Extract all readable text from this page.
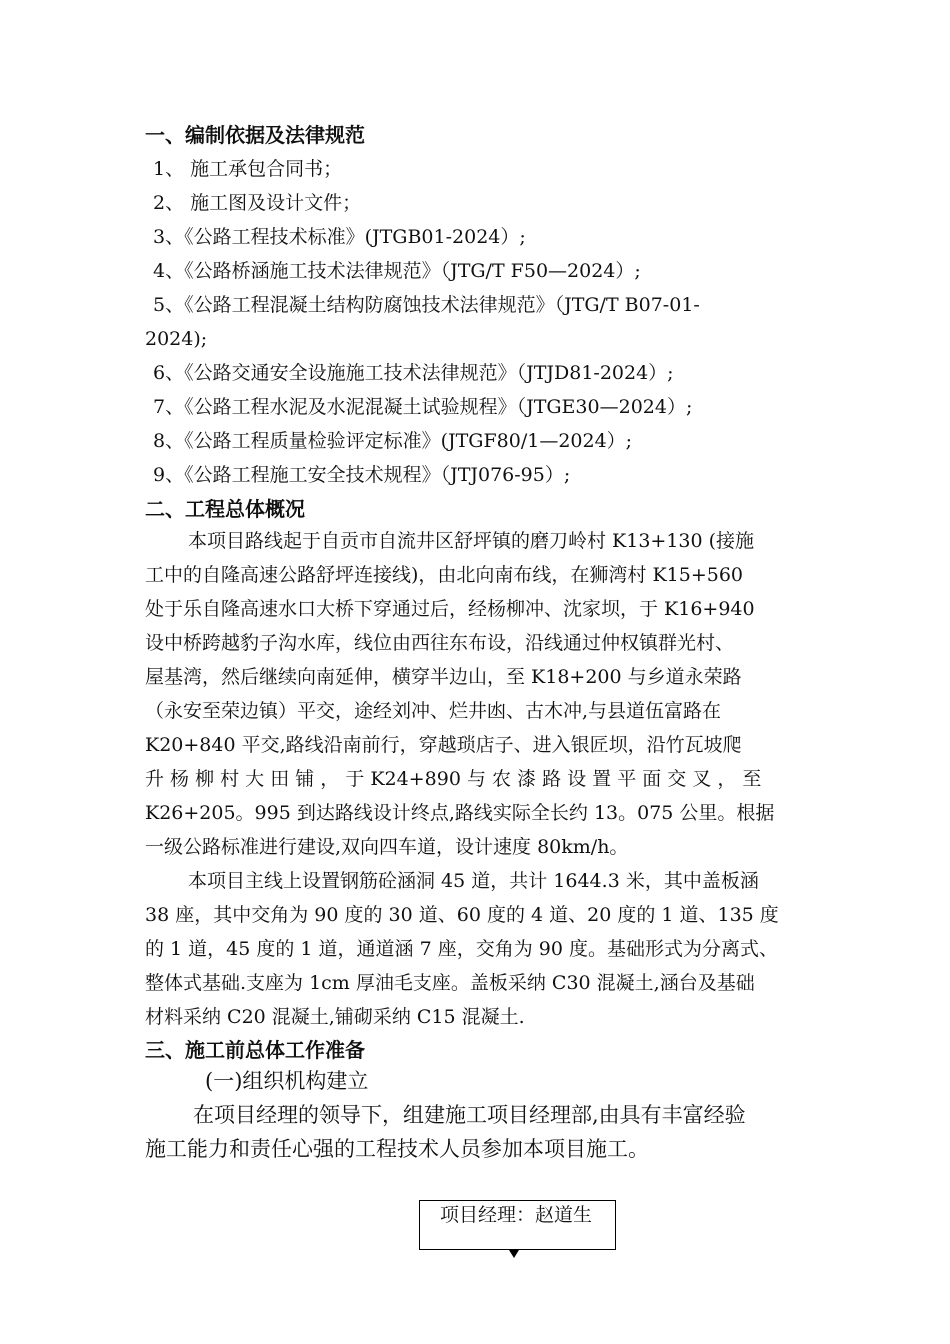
一、编制依据及法律规范
1、 施工承包合同书；
2、 施工图及设计文件；
3、《公路工程技术标准》(JTGB01-2024）;
4、《公路桥涵施工技术法律规范》（JTG/T F50—2024）;
5、《公路工程混凝土结构防腐蚀技术法律规范》（JTG/T B07-01-
2024);
6、《公路交通安全设施施工技术法律规范》（JTJD81-2024）;
7、《公路工程水泥及水泥混凝土试验规程》（JTGE30—2024）;
8、《公路工程质量检验评定标准》(JTGF80/1—2024）;
9、《公路工程施工安全技术规程》（JTJ076-95）;
二、工程总体概况
本项目路线起于自贡市自流井区舒坪镇的磨刀岭村 K13+130 (接施
工中的自隆高速公路舒坪连接线)，由北向南布线，在狮湾村 K15+560
处于乐自隆高速水口大桥下穿通过后，经杨柳冲、沈家坝，于 K16+940
设中桥跨越豹子沟水库，线位由西往东布设，沿线通过仲权镇群光村、
屋基湾，然后继续向南延伸，横穿半边山，至 K18+200 与乡道永荣路
（永安至荣边镇）平交，途经刘冲、烂井凼、古木冲,与县道伍富路在
K20+840 平交,路线沿南前行，穿越琐店子、进入银匠坝，沿竹瓦坡爬
升 杨 柳 村 大 田 铺 ， 于 K24+890 与 农 漆 路 设 置 平 面 交 叉 ， 至
K26+205。995 到达路线设计终点,路线实际全长约 13。075 公里。根据
一级公路标准进行建设,双向四车道，设计速度 80km/h。
本项目主线上设置钢筋砼涵洞 45 道，共计 1644.3 米，其中盖板涵
38 座，其中交角为 90 度的 30 道、60 度的 4 道、20 度的 1 道、135 度
的 1 道，45 度的 1 道，通道涵 7 座，交角为 90 度。基础形式为分离式、
整体式基础.支座为 1cm 厚油毛支座。盖板采纳 C30 混凝土,涵台及基础
材料采纳 C20 混凝土,铺砌采纳 C15 混凝土.
三、施工前总体工作准备
(一)组织机构建立
在项目经理的领导下，组建施工项目经理部,由具有丰富经验
施工能力和责任心强的工程技术人员参加本项目施工。
项目经理：赵道生
